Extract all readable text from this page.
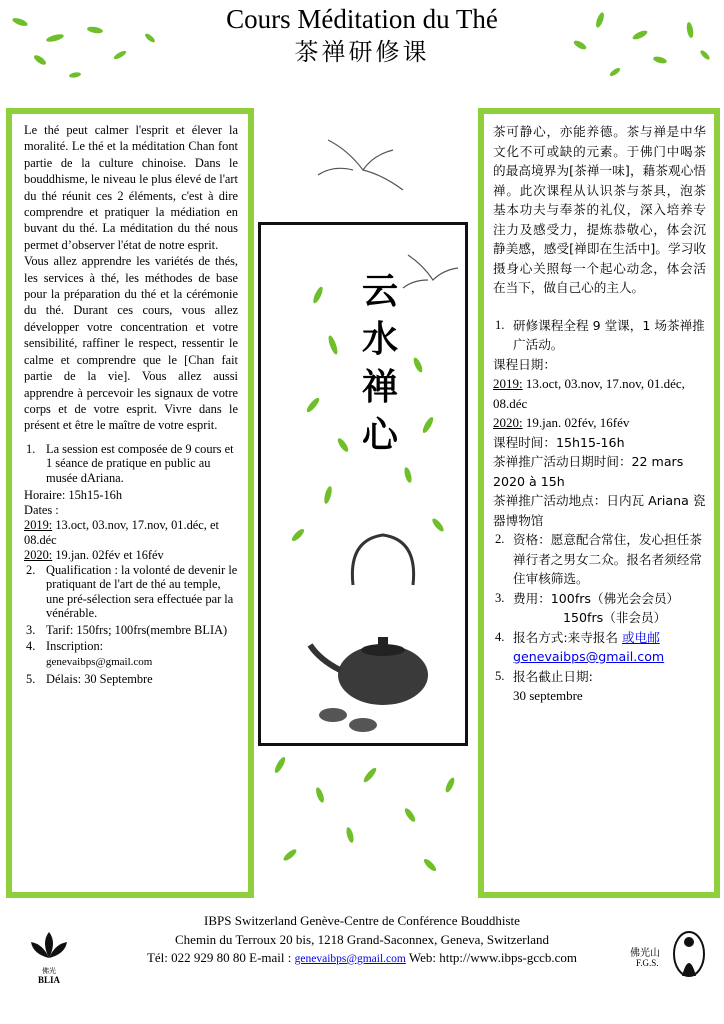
Cours Méditation du Thé
茶禅研修课

Le thé peut calmer l'esprit et élever la moralité. Le thé et la méditation Chan font partie de la culture chinoise. Dans le bouddhisme, le niveau le plus élevé de l'art du thé réunit ces 2 éléments, c'est à dire comprendre et pratiquer la médiation en buvant du thé. La méditation du thé nous permet d’observer l'état de notre esprit.

Vous allez apprendre les variétés de thés, les services à thé, les méthodes de base pour la préparation du thé et la cérémonie du thé. Durant ces cours, vous allez développer votre concentration et votre sensibilité, raffiner le respect, ressentir le calme et comprendre que le [Chan fait partie de la vie]. Vous allez aussi apprendre à percevoir les signaux de votre corps et de votre esprit. Vivre dans le présent et être le maître de votre esprit.

1. La session est composée de 9 cours et 1 séance de pratique en public au musée dAriana.
Horaire: 15h15-16h
Dates :
2019: 13.oct, 03.nov, 17.nov, 01.déc, et 08.déc
2020: 19.jan. 02fév et 16fév
2. Qualification : la volonté de devenir le pratiquant de l'art de thé au temple, une pré-sélection sera effectuée par la vénérable.
3. Tarif: 150frs; 100frs(membre BLIA)
4. Inscription:
genevaibps@gmail.com
5. Délais: 30 Septembre
云
水
禅
心

茶可静心，亦能养德。茶与禅是中华文化不可或缺的元素。于佛门中喝茶的最高境界为[茶禅一味]，藉茶观心悟禅。此次课程从认识茶与茶具，泡茶基本功夫与奉茶的礼仪，深入培养专注力及感受力，提炼恭敬心，体会沉静美感，感受[禅即在生活中]。学习收摄身心关照每一个起心动念，体会活在当下，做自己心的主人。

1. 研修课程全程 9 堂课，1 场茶禅推广活动。
课程日期：
2019: 13.oct, 03.nov, 17.nov, 01.déc, 08.déc
2020: 19.jan. 02fév, 16fév
课程时间：15h15-16h
茶禅推广活动日期时间：22 mars 2020 à 15h
茶禅推广活动地点：日内瓦 Ariana 瓷器博物馆
2. 资格：愿意配合常住，发心担任茶禅行者之男女二众。报名者须经常住审核筛选。
3. 费用：100frs（佛光会会员）
150frs（非会员）
4. 报名方式:来寺报名 或电邮 genevaibps@gmail.com
5. 报名截止日期:
30 septembre
IBPS Switzerland Genève-Centre de Conférence Bouddhiste
Chemin du Terroux 20 bis, 1218 Grand-Saconnex, Geneva, Switzerland
Tél: 022 929 80 80 E-mail : genevaibps@gmail.com Web: http://www.ibps-gccb.com
佛光
BLIA
佛光山
F.G.S.
